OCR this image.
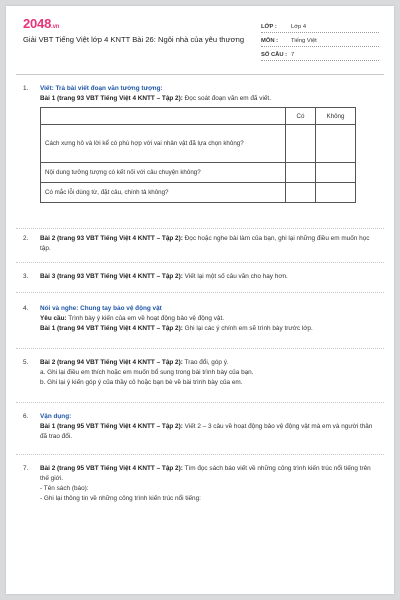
2048.vn
Giải VBT Tiếng Việt lớp 4 KNTT Bài 26: Ngôi nhà của yêu thương
LỚP :	Lớp 4
MÔN :	Tiếng Việt
SỐ CÂU : 7
1.	Viết: Trả bài viết đoạn văn tưởng tượng:
Bài 1 (trang 93 VBT Tiếng Việt 4 KNTT – Tập 2): Đọc soát đoạn văn em đã viết.
	Có	Không
Cách xưng hô và lời kể có phù hợp với vai nhân vật đã lựa chọn không?		
Nội dung tưởng tượng có kết nối với câu chuyện không?		
Có mắc lỗi dùng từ, đặt câu, chính tả không?		
2.	Bài 2 (trang 93 VBT Tiếng Việt 4 KNTT – Tập 2): Đọc hoặc nghe bài làm của bạn, ghi lại những điều em muốn học tập.
3.	Bài 3 (trang 93 VBT Tiếng Việt 4 KNTT – Tập 2): Viết lại một số câu văn cho hay hơn.
4.	Nói và nghe: Chung tay bảo vệ động vật
Yêu cầu: Trình bày ý kiến của em về hoạt động bảo vệ động vật.
Bài 1 (trang 94 VBT Tiếng Việt 4 KNTT – Tập 2): Ghi lại các ý chính em sẽ trình bày trước lớp.
5.	Bài 2 (trang 94 VBT Tiếng Việt 4 KNTT – Tập 2): Trao đổi, góp ý.
a. Ghi lại điều em thích hoặc em muốn bổ sung trong bài trình bày của bạn.
b. Ghi lại ý kiến góp ý của thầy cô hoặc bạn bè về bài trình bày của em.
6.	Vận dụng:
Bài 1 (trang 95 VBT Tiếng Việt 4 KNTT – Tập 2): Viết 2 – 3 câu về hoạt động bảo vệ động vật mà em và người thân đã trao đổi.
7.	Bài 2 (trang 95 VBT Tiếng Việt 4 KNTT – Tập 2): Tìm đọc sách báo viết về những công trình kiến trúc nổi tiếng trên thế giới.
- Tên sách (báo):
- Ghi lại thông tin về những công trình kiến trúc nổi tiếng:
